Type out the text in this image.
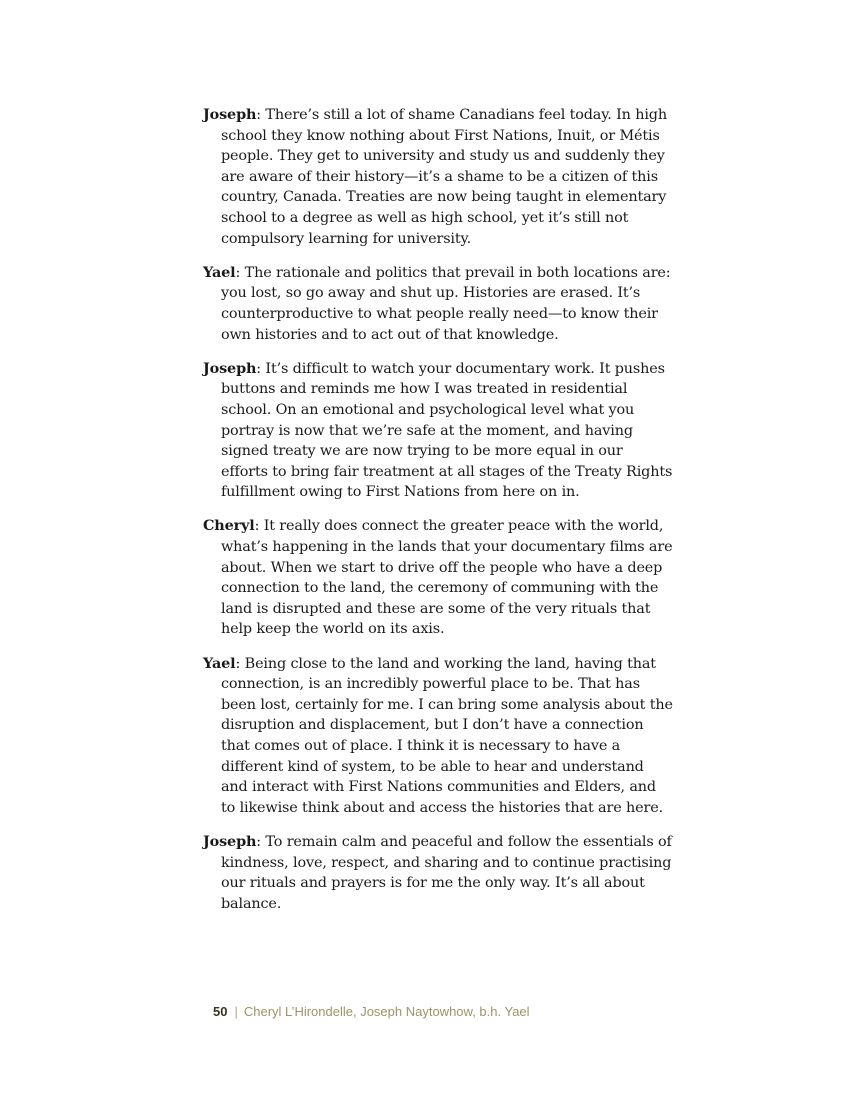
Joseph: There’s still a lot of shame Canadians feel today. In high school they know nothing about First Nations, Inuit, or Métis people. They get to university and study us and suddenly they are aware of their history—it’s a shame to be a citizen of this country, Canada. Treaties are now being taught in elementary school to a degree as well as high school, yet it’s still not compulsory learning for university.

Yael: The rationale and politics that prevail in both locations are: you lost, so go away and shut up. Histories are erased. It’s counterproductive to what people really need—to know their own histories and to act out of that knowledge.

Joseph: It’s difficult to watch your documentary work. It pushes buttons and reminds me how I was treated in residential school. On an emotional and psychological level what you portray is now that we’re safe at the moment, and having signed treaty we are now trying to be more equal in our efforts to bring fair treatment at all stages of the Treaty Rights fulfillment owing to First Nations from here on in.

Cheryl: It really does connect the greater peace with the world, what’s happening in the lands that your documentary films are about. When we start to drive off the people who have a deep connection to the land, the ceremony of communing with the land is disrupted and these are some of the very rituals that help keep the world on its axis.

Yael: Being close to the land and working the land, having that connection, is an incredibly powerful place to be. That has been lost, certainly for me. I can bring some analysis about the disruption and displacement, but I don’t have a connection that comes out of place. I think it is necessary to have a different kind of system, to be able to hear and understand and interact with First Nations communities and Elders, and to likewise think about and access the histories that are here.

Joseph: To remain calm and peaceful and follow the essentials of kindness, love, respect, and sharing and to continue practising our rituals and prayers is for me the only way. It’s all about balance.

50 | Cheryl L’Hirondelle, Joseph Naytowhow, b.h. Yael
